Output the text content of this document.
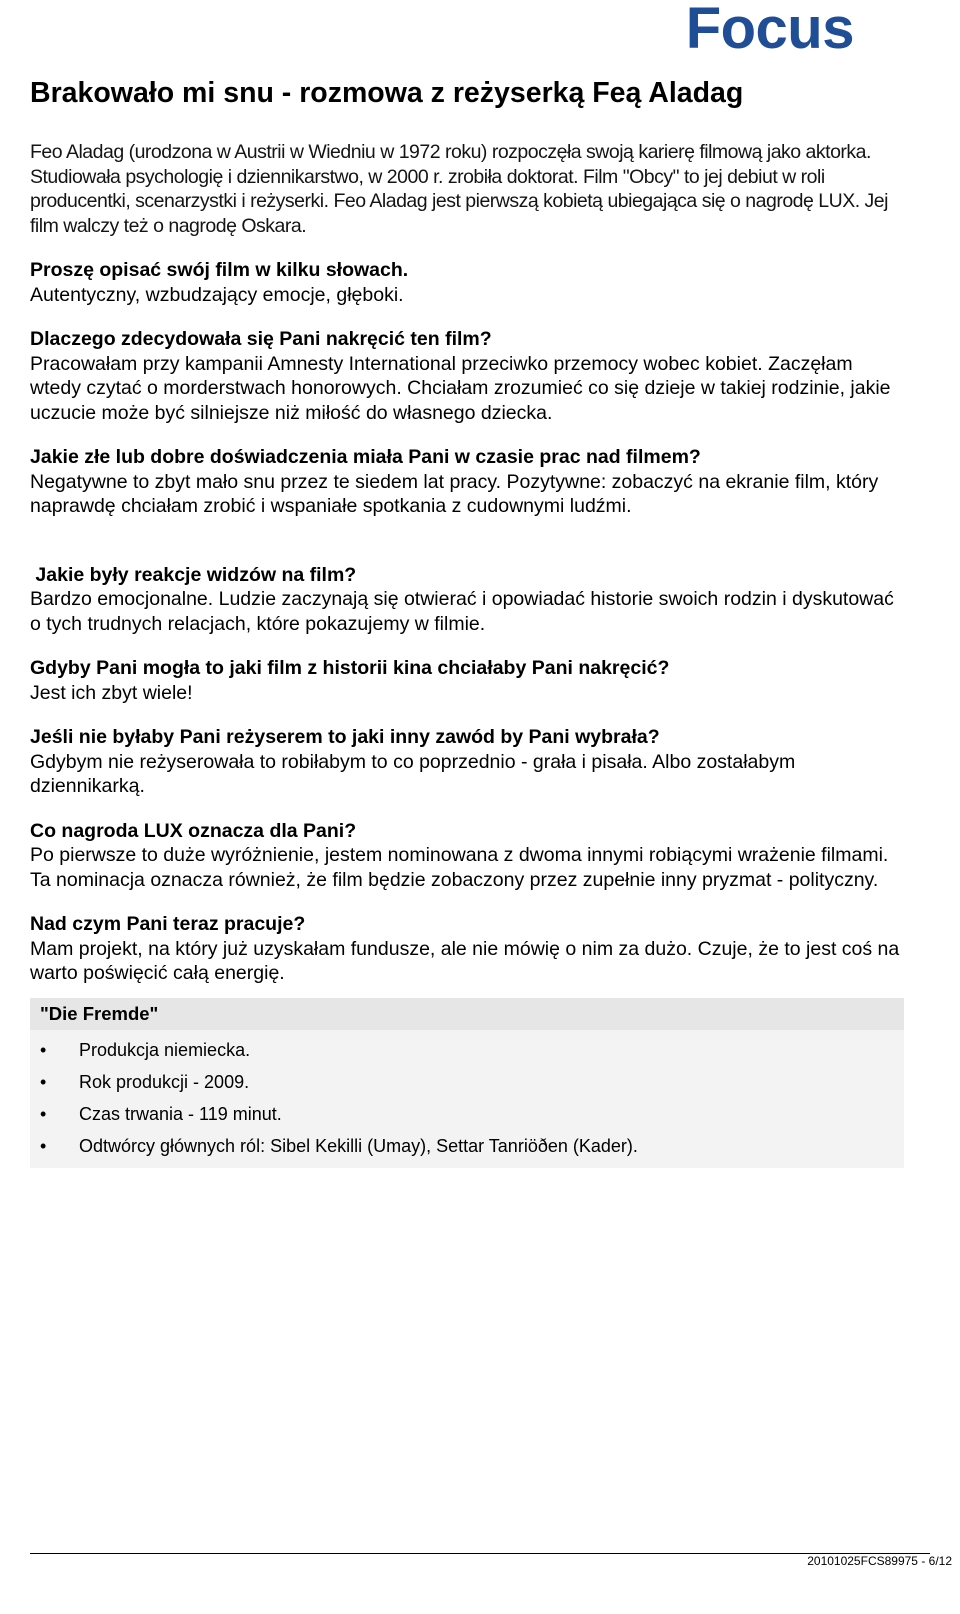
Focus
Brakowało mi snu - rozmowa z reżyserką Feą Aladag

Feo Aladag (urodzona w Austrii w Wiedniu w 1972 roku) rozpoczęła swoją karierę filmową jako aktorka. Studiowała psychologię i dziennikarstwo, w 2000 r. zrobiła doktorat. Film "Obcy" to jej debiut w roli producentki, scenarzystki i reżyserki. Feo Aladag jest pierwszą kobietą ubiegająca się o nagrodę LUX. Jej film walczy też o nagrodę Oskara.

Proszę opisać swój film w kilku słowach.
Autentyczny, wzbudzający emocje, głęboki.
Dlaczego zdecydowała się Pani nakręcić ten film?
Pracowałam przy kampanii Amnesty International przeciwko przemocy wobec kobiet. Zaczęłam wtedy czytać o morderstwach honorowych. Chciałam zrozumieć co się dzieje w takiej rodzinie, jakie uczucie może być silniejsze niż miłość do własnego dziecka.
Jakie złe lub dobre doświadczenia miała Pani w czasie prac nad filmem?
Negatywne to zbyt mało snu przez te siedem lat pracy. Pozytywne: zobaczyć na ekranie film, który naprawdę chciałam zrobić i wspaniałe spotkania z cudownymi ludźmi.
Jakie były reakcje widzów na film?
Bardzo emocjonalne. Ludzie zaczynają się otwierać i opowiadać historie swoich rodzin i dyskutować o tych trudnych relacjach, które pokazujemy w filmie.
Gdyby Pani mogła to jaki film z historii kina chciałaby Pani nakręcić?
Jest ich zbyt wiele!
Jeśli nie byłaby Pani reżyserem to jaki inny zawód by Pani wybrała?
Gdybym nie reżyserowała to robiłabym to co poprzednio - grała i pisała. Albo zostałabym dziennikarką.
Co nagroda LUX oznacza dla Pani?
Po pierwsze to duże wyróżnienie, jestem nominowana z dwoma innymi robiącymi wrażenie filmami. Ta nominacja oznacza również, że film będzie zobaczony przez zupełnie inny pryzmat - polityczny.
Nad czym Pani teraz pracuje?
Mam projekt, na który już uzyskałam fundusze, ale nie mówię o nim za dużo. Czuje, że to jest coś na warto poświęcić całą energię.
"Die Fremde"
• Produkcja niemiecka.
• Rok produkcji - 2009.
• Czas trwania - 119 minut.
• Odtwórcy głównych ról: Sibel Kekilli (Umay), Settar Tanriöðen (Kader).
20101025FCS89975 - 6/12
